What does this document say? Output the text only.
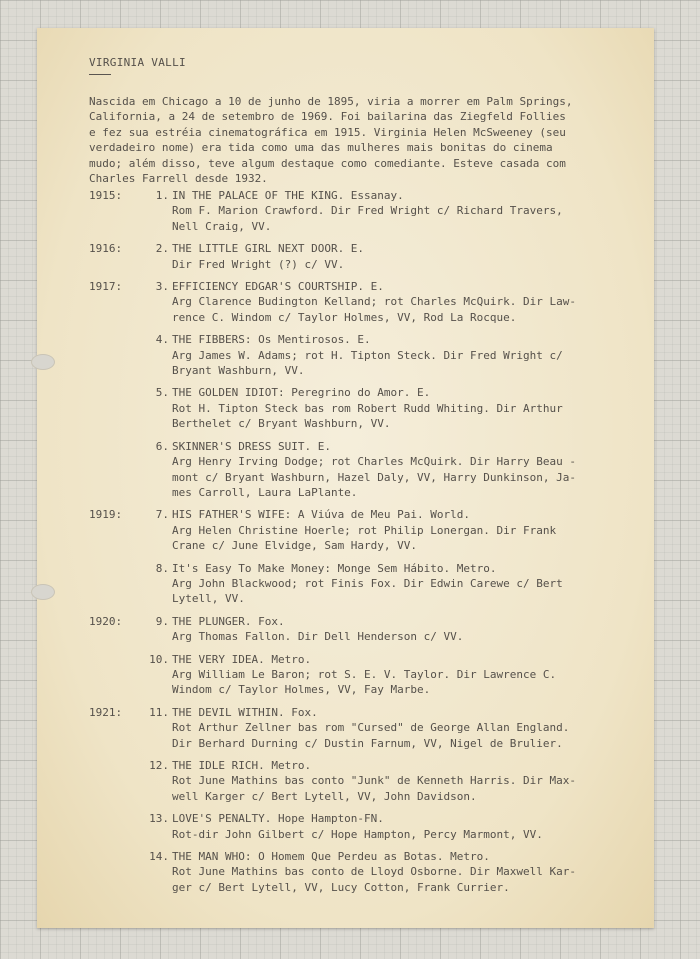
VIRGINIA VALLI

Nascida em Chicago a 10 de junho de 1895, viria a morrer em Palm Springs,
California, a 24 de setembro de 1969. Foi bailarina das Ziegfeld Follies
e fez sua estréia cinematográfica em 1915. Virginia Helen McSweeney (seu
verdadeiro nome) era tida como uma das mulheres mais bonitas do cinema
mudo; além disso, teve algum destaque como comediante. Esteve casada com
Charles Farrell desde 1932.

1915:	1. IN THE PALACE OF THE KING. Essanay.
Rom F. Marion Crawford. Dir Fred Wright c/ Richard Travers,
Nell Craig, VV.
1916:	2. THE LITTLE GIRL NEXT DOOR. E.
Dir Fred Wright (?) c/ VV.
1917:	3. EFFICIENCY EDGAR'S COURTSHIP. E.
Arg Clarence Budington Kelland; rot Charles McQuirk. Dir Law-
rence C. Windom c/ Taylor Holmes, VV, Rod La Rocque.
4. THE FIBBERS: Os Mentirosos. E.
Arg James W. Adams; rot H. Tipton Steck. Dir Fred Wright c/
Bryant Washburn, VV.
5. THE GOLDEN IDIOT: Peregrino do Amor. E.
Rot H. Tipton Steck bas rom Robert Rudd Whiting. Dir Arthur
Berthelet c/ Bryant Washburn, VV.
6. SKINNER'S DRESS SUIT. E.
Arg Henry Irving Dodge; rot Charles McQuirk. Dir Harry Beau -
mont c/ Bryant Washburn, Hazel Daly, VV, Harry Dunkinson, Ja-
mes Carroll, Laura LaPlante.
1919:	7. HIS FATHER'S WIFE: A Viúva de Meu Pai. World.
Arg Helen Christine Hoerle; rot Philip Lonergan. Dir Frank
Crane c/ June Elvidge, Sam Hardy, VV.
8. It's Easy To Make Money: Monge Sem Hábito. Metro.
Arg John Blackwood; rot Finis Fox. Dir Edwin Carewe c/ Bert
Lytell, VV.
1920:	9. THE PLUNGER. Fox.
Arg Thomas Fallon. Dir Dell Henderson c/ VV.
10. THE VERY IDEA. Metro.
Arg William Le Baron; rot S. E. V. Taylor. Dir Lawrence C.
Windom c/ Taylor Holmes, VV, Fay Marbe.
1921:	11. THE DEVIL WITHIN. Fox.
Rot Arthur Zellner bas rom "Cursed" de George Allan England.
Dir Berhard Durning c/ Dustin Farnum, VV, Nigel de Brulier.
12. THE IDLE RICH. Metro.
Rot June Mathins bas conto "Junk" de Kenneth Harris. Dir Max-
well Karger c/ Bert Lytell, VV, John Davidson.
13. LOVE'S PENALTY. Hope Hampton-FN.
Rot-dir John Gilbert c/ Hope Hampton, Percy Marmont, VV.
14. THE MAN WHO: O Homem Que Perdeu as Botas. Metro.
Rot June Mathins bas conto de Lloyd Osborne. Dir Maxwell Kar-
ger c/ Bert Lytell, VV, Lucy Cotton, Frank Currier.
